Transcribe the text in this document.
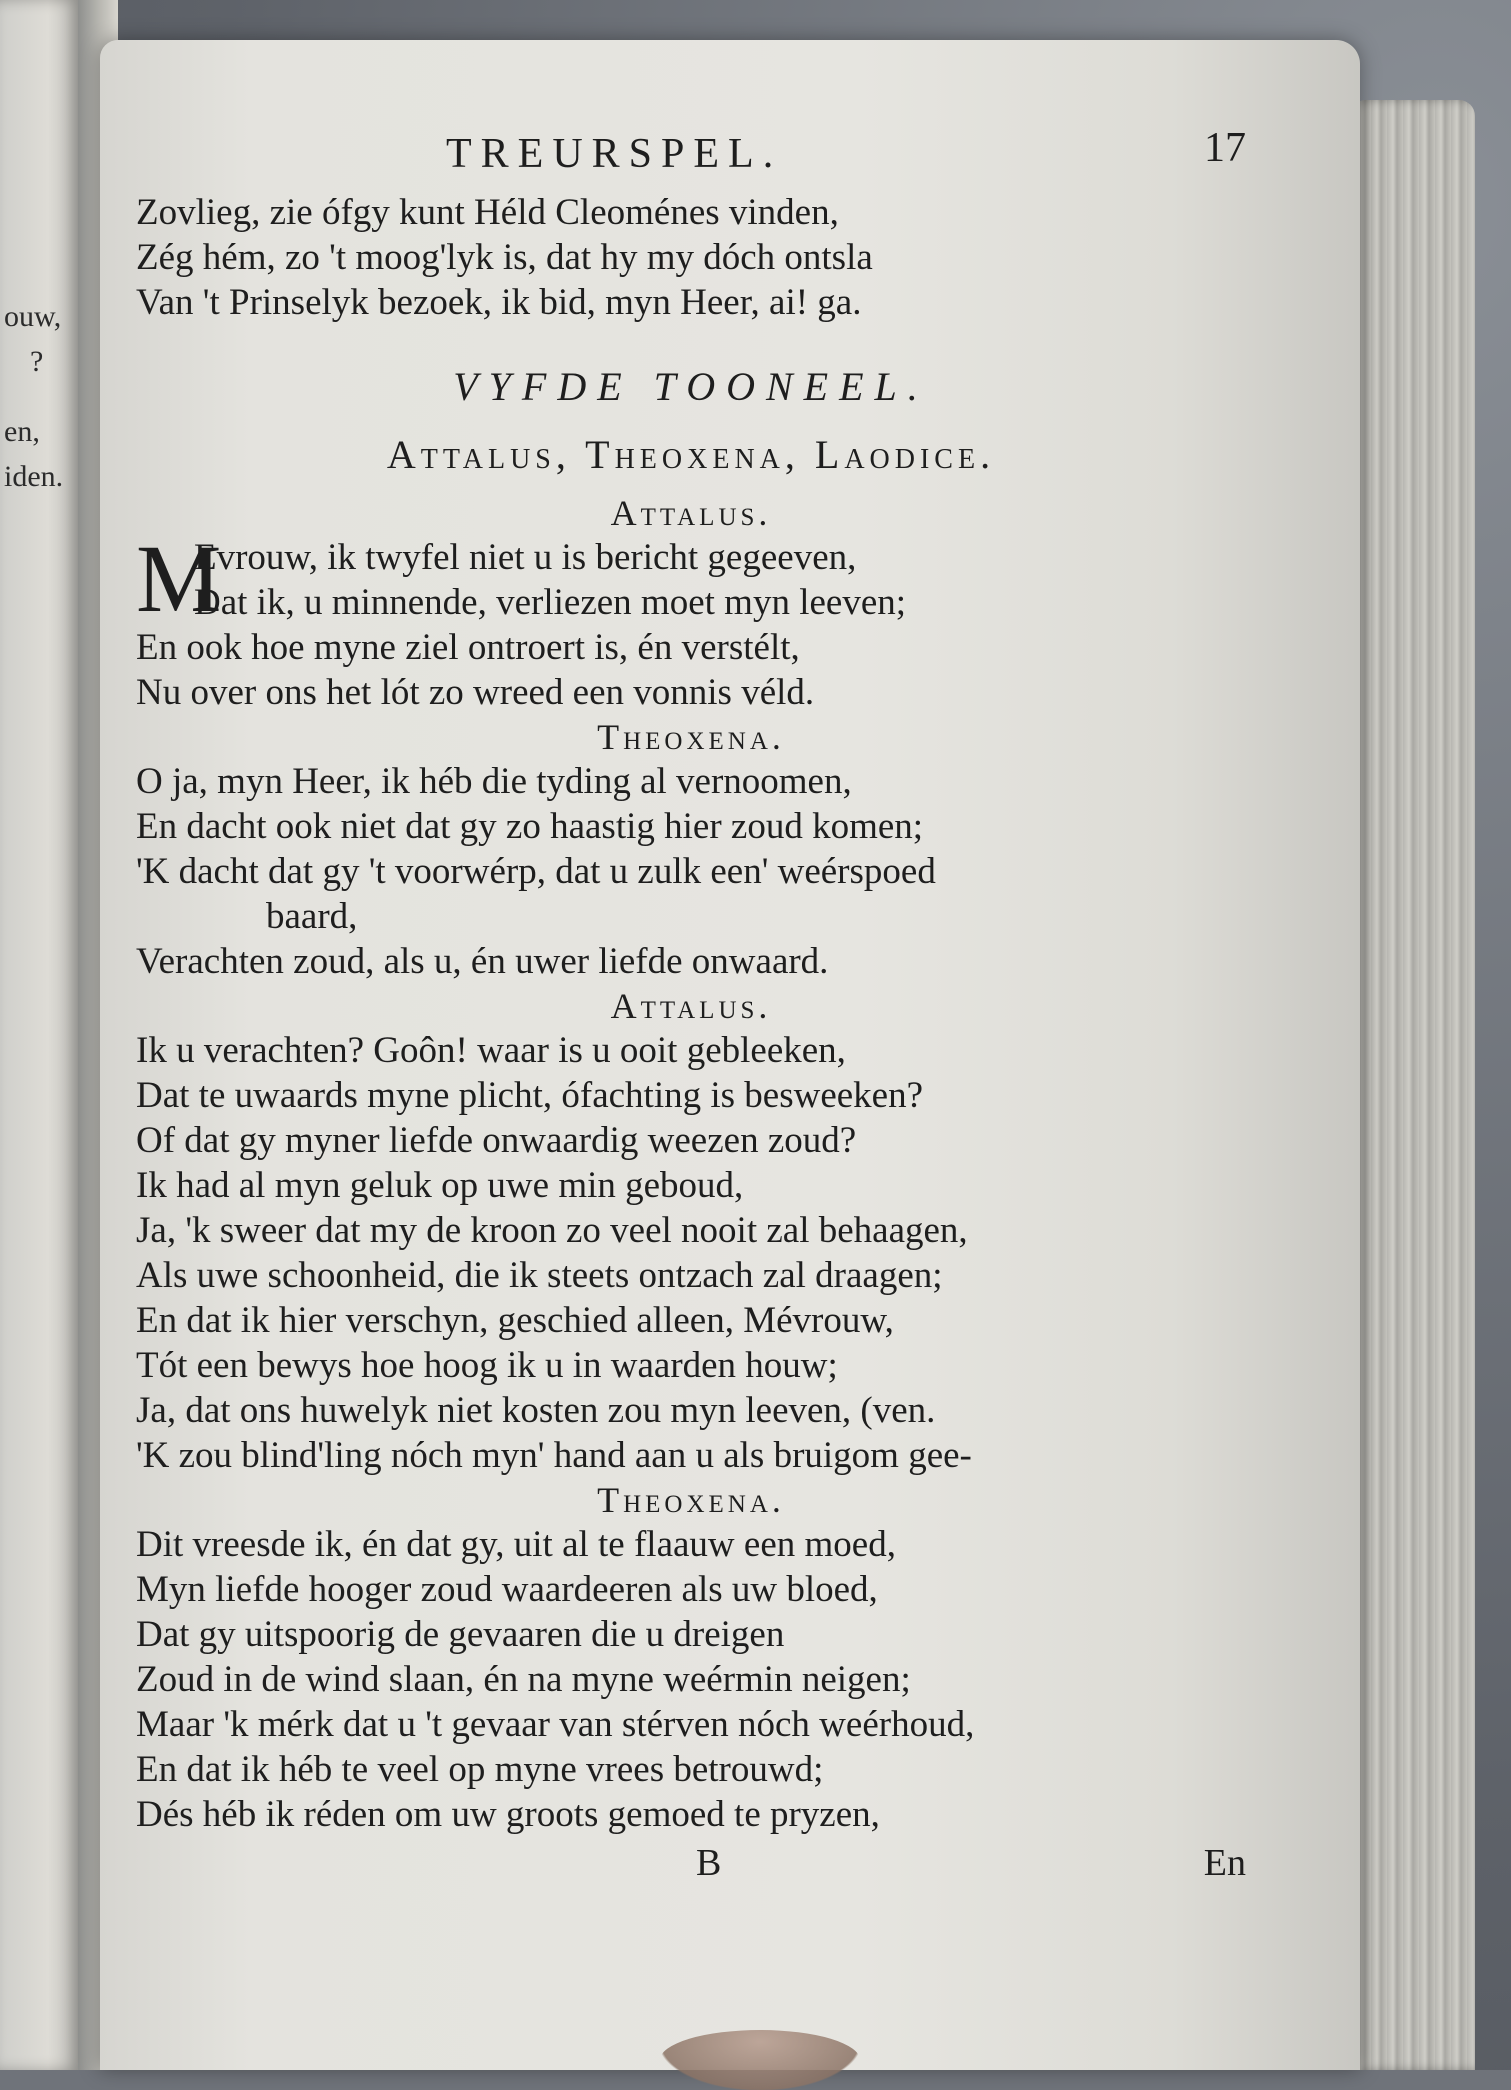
ouw,
?
en,
iden.
TREURSPEL.	17

Zovlieg, zie ófgy kunt Héld Cleoménes vinden,

Zég hém, zo 't moog'lyk is, dat hy my dóch ontsla

Van 't Prinselyk bezoek, ik bid, myn Heer, ai! ga.

VYFDE TOONEEL.
Attalus, Theoxena, Laodice.
Attalus.
M

Evrouw, ik twyfel niet u is bericht gegeeven,

Dat ik, u minnende, verliezen moet myn leeven;

En ook hoe myne ziel ontroert is, én verstélt,

Nu over ons het lót zo wreed een vonnis véld.

Theoxena.

O ja, myn Heer, ik héb die tyding al vernoomen,

En dacht ook niet dat gy zo haastig hier zoud komen;

'K dacht dat gy 't voorwérp, dat u zulk een' weérspoed

baard,

Verachten zoud, als u, én uwer liefde onwaard.

Attalus.

Ik u verachten? Goôn! waar is u ooit gebleeken,

Dat te uwaards myne plicht, ófachting is besweeken?

Of dat gy myner liefde onwaardig weezen zoud?

Ik had al myn geluk op uwe min geboud,

Ja, 'k sweer dat my de kroon zo veel nooit zal behaagen,

Als uwe schoonheid, die ik steets ontzach zal draagen;

En dat ik hier verschyn, geschied alleen, Mévrouw,

Tót een bewys hoe hoog ik u in waarden houw;

Ja, dat ons huwelyk niet kosten zou myn leeven, (ven.

'K zou blind'ling nóch myn' hand aan u als bruigom gee-

Theoxena.

Dit vreesde ik, én dat gy, uit al te flaauw een moed,

Myn liefde hooger zoud waardeeren als uw bloed,

Dat gy uitspoorig de gevaaren die u dreigen

Zoud in de wind slaan, én na myne weérmin neigen;

Maar 'k mérk dat u 't gevaar van stérven nóch weérhoud,

En dat ik héb te veel op myne vrees betrouwd;

Dés héb ik réden om uw groots gemoed te pryzen,

B	En
